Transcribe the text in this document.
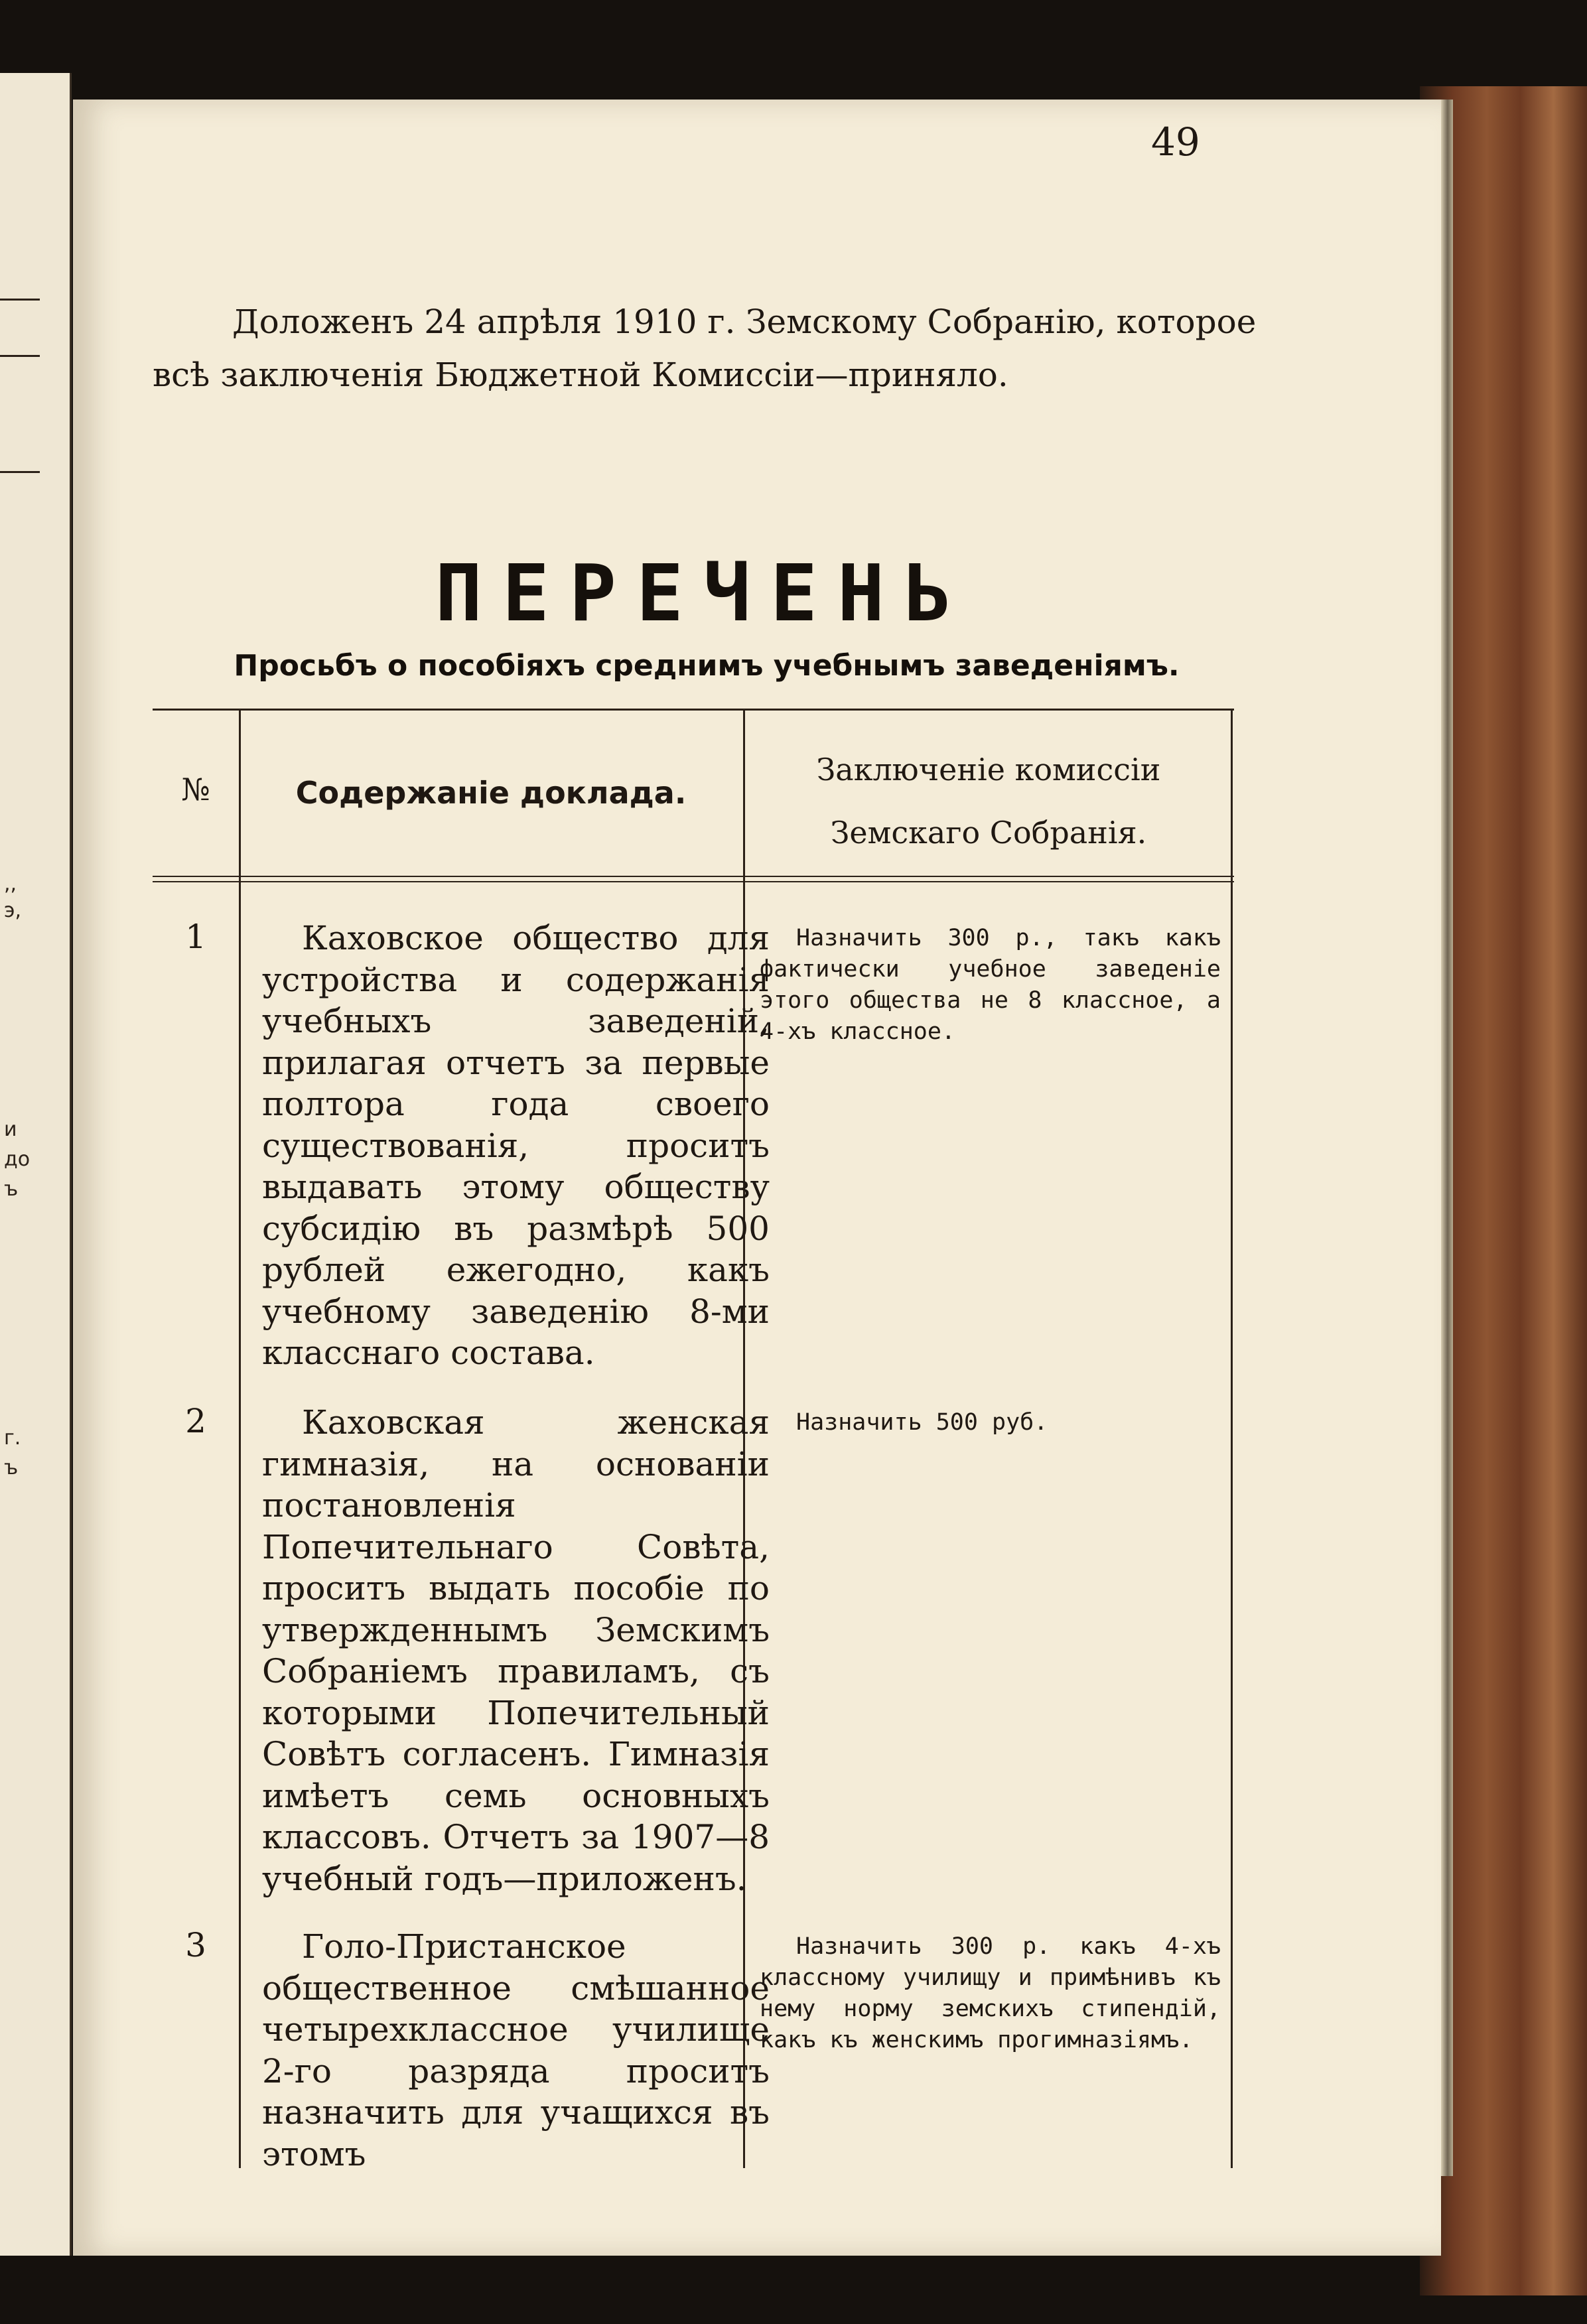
,,
э,
и
до
ъ
г.
ъ
49
Доложенъ 24 апрѣля 1910 г. Земскому Собранію, которое
всѣ заключенія Бюджетной Комиссіи—приняло.
ПЕРЕЧЕНЬ
Просьбъ о пособіяхъ среднимъ учебнымъ заведеніямъ.
№	Содержаніе доклада.
Заключеніе комиссіи Земскаго Собранія.
1	Каховское общество для устройства и содержанія учебныхъ заведеній, прилагая отчетъ за первые полтора года своего существованія, проситъ выдавать этому обществу субсидію въ размѣрѣ 500 рублей ежегодно, какъ учебному заведенію 8-ми класснаго состава.
Назначить 300 р., такъ какъ фактически учебное заведеніе этого общества не 8 классное, а 4-хъ классное.
2	Каховская женская гимназія, на основаніи постановленія Попечительнаго Совѣта, проситъ выдать пособіе по утвержденнымъ Земскимъ Собраніемъ правиламъ, съ которыми Попечительный Совѣтъ согласенъ. Гимназія имѣетъ семь основныхъ классовъ. Отчетъ за 1907—8 учебный годъ—приложенъ.
Назначить 500 руб.
3	Голо-Пристанское общественное смѣшанное четырехклассное училище 2-го разряда проситъ назначить для учащихся въ этомъ
Назначить 300 р. какъ 4-хъ классному училищу и примѣнивъ къ нему норму земскихъ стипендій, какъ къ женскимъ прогимназіямъ.
